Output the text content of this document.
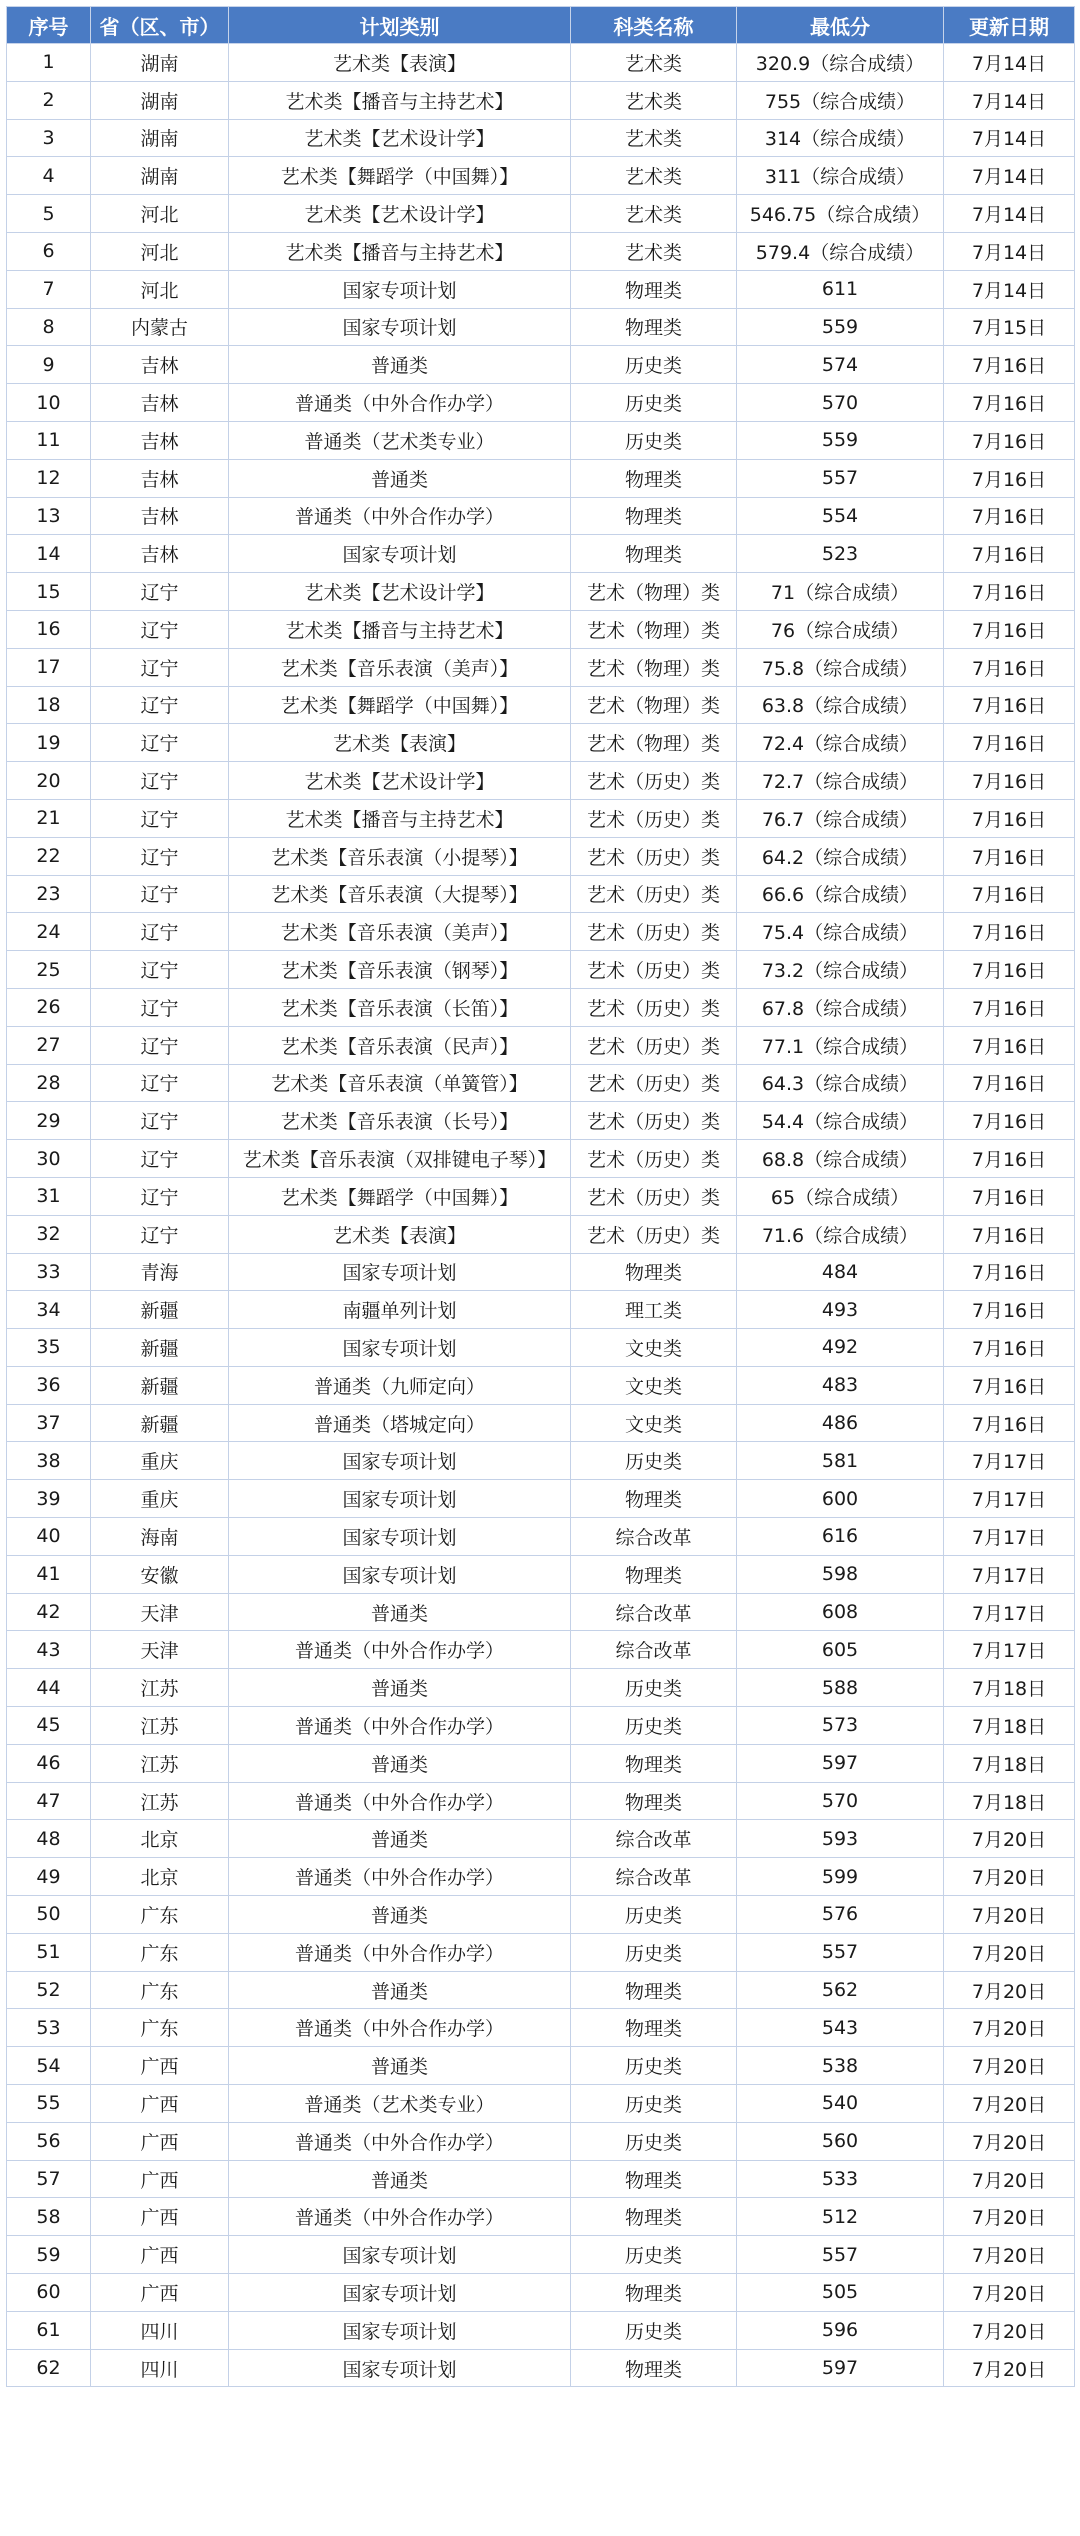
序号	省（区、市）	计划类别	科类名称	最低分	更新日期
1	湖南	艺术类【表演】	艺术类	320.9（综合成绩）	7月14日
2	湖南	艺术类【播音与主持艺术】	艺术类	755（综合成绩）	7月14日
3	湖南	艺术类【艺术设计学】	艺术类	314（综合成绩）	7月14日
4	湖南	艺术类【舞蹈学（中国舞）】	艺术类	311（综合成绩）	7月14日
5	河北	艺术类【艺术设计学】	艺术类	546.75（综合成绩）	7月14日
6	河北	艺术类【播音与主持艺术】	艺术类	579.4（综合成绩）	7月14日
7	河北	国家专项计划	物理类	611	7月14日
8	内蒙古	国家专项计划	物理类	559	7月15日
9	吉林	普通类	历史类	574	7月16日
10	吉林	普通类（中外合作办学）	历史类	570	7月16日
11	吉林	普通类（艺术类专业）	历史类	559	7月16日
12	吉林	普通类	物理类	557	7月16日
13	吉林	普通类（中外合作办学）	物理类	554	7月16日
14	吉林	国家专项计划	物理类	523	7月16日
15	辽宁	艺术类【艺术设计学】	艺术（物理）类	71（综合成绩）	7月16日
16	辽宁	艺术类【播音与主持艺术】	艺术（物理）类	76（综合成绩）	7月16日
17	辽宁	艺术类【音乐表演（美声）】	艺术（物理）类	75.8（综合成绩）	7月16日
18	辽宁	艺术类【舞蹈学（中国舞）】	艺术（物理）类	63.8（综合成绩）	7月16日
19	辽宁	艺术类【表演】	艺术（物理）类	72.4（综合成绩）	7月16日
20	辽宁	艺术类【艺术设计学】	艺术（历史）类	72.7（综合成绩）	7月16日
21	辽宁	艺术类【播音与主持艺术】	艺术（历史）类	76.7（综合成绩）	7月16日
22	辽宁	艺术类【音乐表演（小提琴）】	艺术（历史）类	64.2（综合成绩）	7月16日
23	辽宁	艺术类【音乐表演（大提琴）】	艺术（历史）类	66.6（综合成绩）	7月16日
24	辽宁	艺术类【音乐表演（美声）】	艺术（历史）类	75.4（综合成绩）	7月16日
25	辽宁	艺术类【音乐表演（钢琴）】	艺术（历史）类	73.2（综合成绩）	7月16日
26	辽宁	艺术类【音乐表演（长笛）】	艺术（历史）类	67.8（综合成绩）	7月16日
27	辽宁	艺术类【音乐表演（民声）】	艺术（历史）类	77.1（综合成绩）	7月16日
28	辽宁	艺术类【音乐表演（单簧管）】	艺术（历史）类	64.3（综合成绩）	7月16日
29	辽宁	艺术类【音乐表演（长号）】	艺术（历史）类	54.4（综合成绩）	7月16日
30	辽宁	艺术类【音乐表演（双排键电子琴）】	艺术（历史）类	68.8（综合成绩）	7月16日
31	辽宁	艺术类【舞蹈学（中国舞）】	艺术（历史）类	65（综合成绩）	7月16日
32	辽宁	艺术类【表演】	艺术（历史）类	71.6（综合成绩）	7月16日
33	青海	国家专项计划	物理类	484	7月16日
34	新疆	南疆单列计划	理工类	493	7月16日
35	新疆	国家专项计划	文史类	492	7月16日
36	新疆	普通类（九师定向）	文史类	483	7月16日
37	新疆	普通类（塔城定向）	文史类	486	7月16日
38	重庆	国家专项计划	历史类	581	7月17日
39	重庆	国家专项计划	物理类	600	7月17日
40	海南	国家专项计划	综合改革	616	7月17日
41	安徽	国家专项计划	物理类	598	7月17日
42	天津	普通类	综合改革	608	7月17日
43	天津	普通类（中外合作办学）	综合改革	605	7月17日
44	江苏	普通类	历史类	588	7月18日
45	江苏	普通类（中外合作办学）	历史类	573	7月18日
46	江苏	普通类	物理类	597	7月18日
47	江苏	普通类（中外合作办学）	物理类	570	7月18日
48	北京	普通类	综合改革	593	7月20日
49	北京	普通类（中外合作办学）	综合改革	599	7月20日
50	广东	普通类	历史类	576	7月20日
51	广东	普通类（中外合作办学）	历史类	557	7月20日
52	广东	普通类	物理类	562	7月20日
53	广东	普通类（中外合作办学）	物理类	543	7月20日
54	广西	普通类	历史类	538	7月20日
55	广西	普通类（艺术类专业）	历史类	540	7月20日
56	广西	普通类（中外合作办学）	历史类	560	7月20日
57	广西	普通类	物理类	533	7月20日
58	广西	普通类（中外合作办学）	物理类	512	7月20日
59	广西	国家专项计划	历史类	557	7月20日
60	广西	国家专项计划	物理类	505	7月20日
61	四川	国家专项计划	历史类	596	7月20日
62	四川	国家专项计划	物理类	597	7月20日
